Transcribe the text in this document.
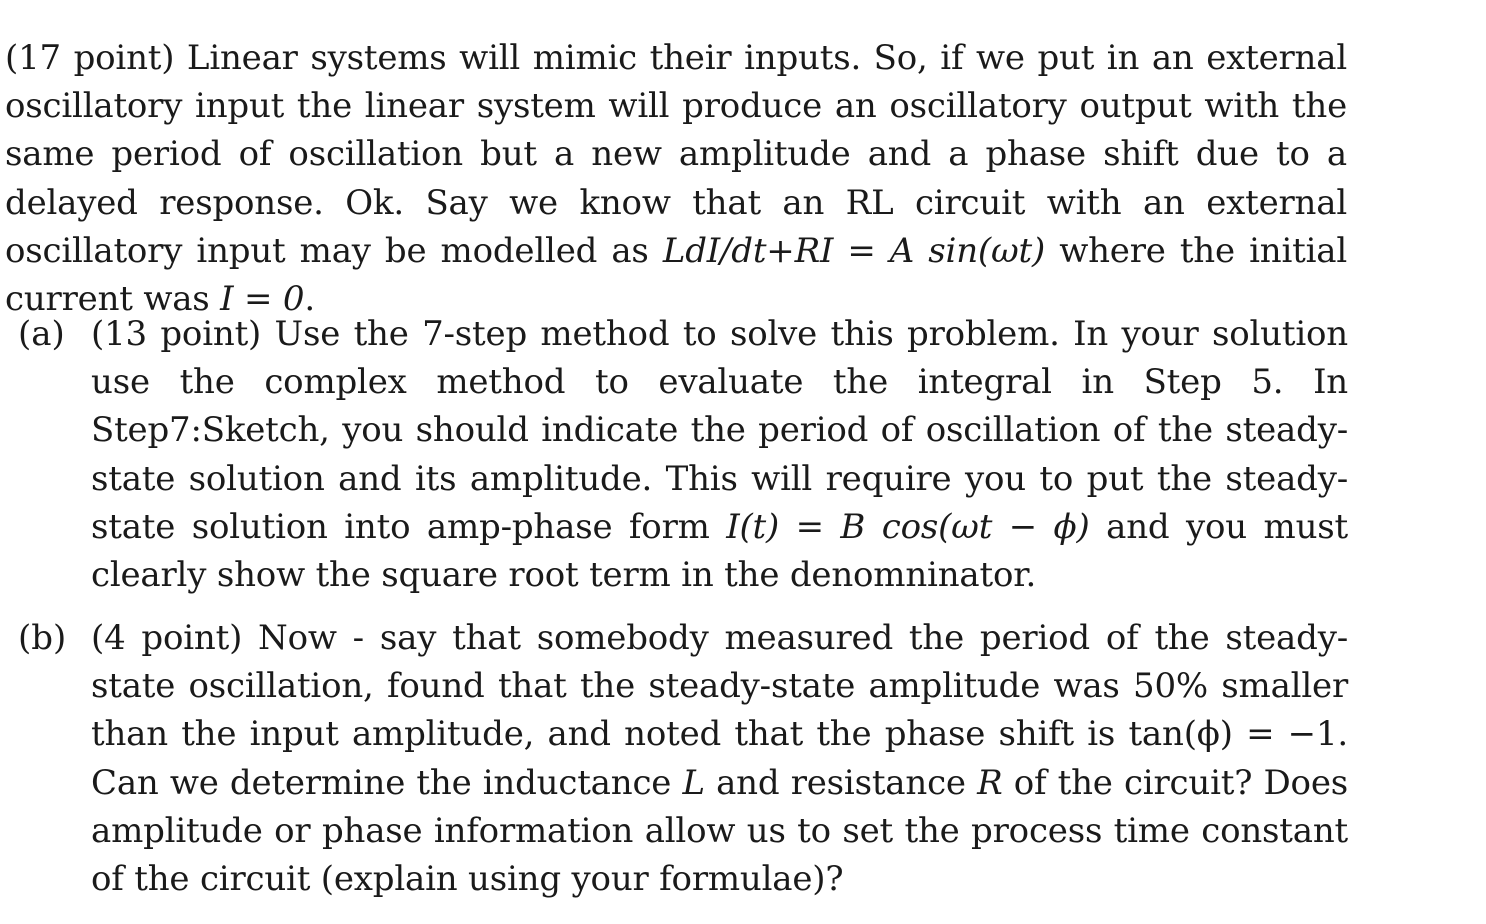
(17 point) Linear systems will mimic their inputs. So, if we put in an external oscillatory input the linear system will produce an oscillatory output with the same period of oscillation but a new amplitude and a phase shift due to a delayed response. Ok. Say we know that an RL circuit with an external oscillatory input may be modelled as LdI/dt+RI = A sin(ωt) where the initial current was I = 0.

(a) (13 point) Use the 7-step method to solve this problem. In your solution use the complex method to evaluate the integral in Step 5. In Step7:Sketch, you should indicate the period of oscillation of the steady-state solution and its amplitude. This will require you to put the steady-state solution into amp-phase form I(t) = B cos(ωt − ϕ) and you must clearly show the square root term in the denomninator.
(b) (4 point) Now - say that somebody measured the period of the steady-state oscillation, found that the steady-state amplitude was 50% smaller than the input amplitude, and noted that the phase shift is tan(ϕ) = −1. Can we determine the inductance L and resistance R of the circuit? Does amplitude or phase information allow us to set the process time constant of the circuit (explain using your formulae)?
